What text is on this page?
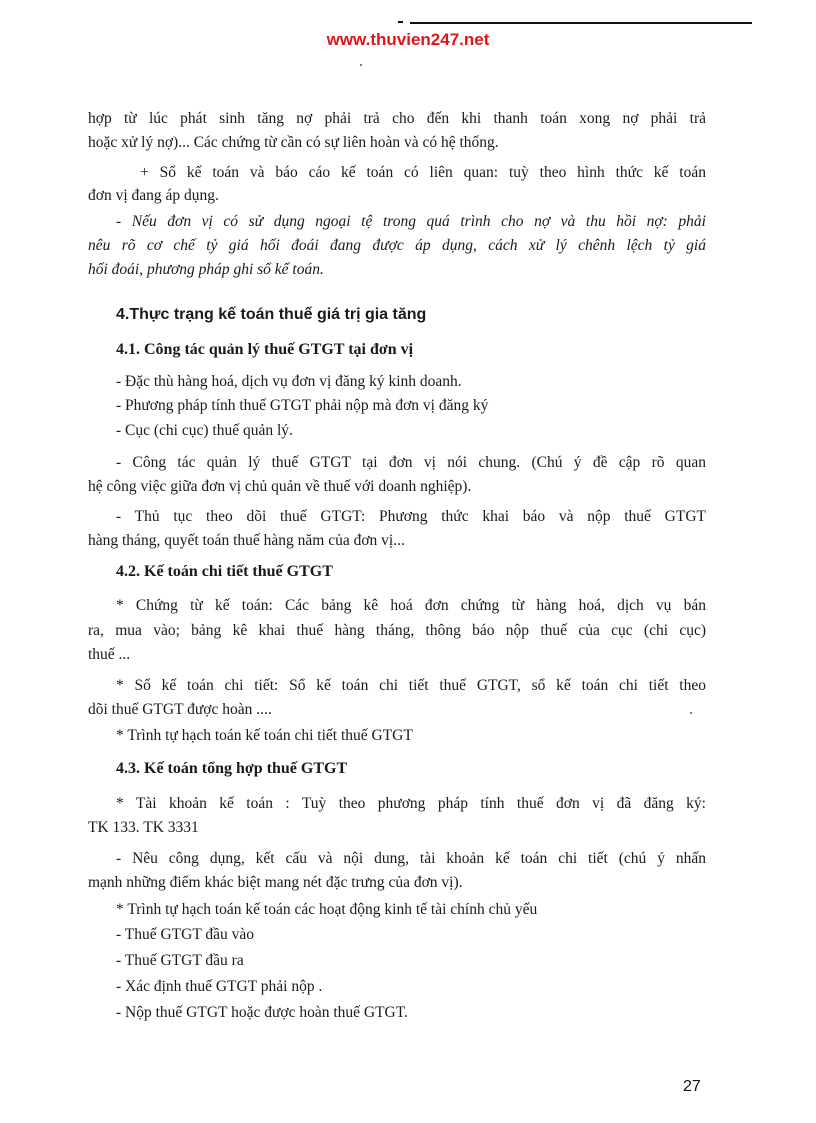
www.thuvien247.net
hợp từ lúc phát sinh tăng nợ phải trả cho đến khi thanh toán xong nợ phải trả
hoặc xử lý nợ)... Các chứng từ cần có sự liên hoàn và có hệ thống.
+ Sổ kế toán và báo cáo kế toán có liên quan: tuỳ theo hình thức kế toán
đơn vị đang áp dụng.
- Nếu đơn vị có sử dụng ngoại tệ trong quá trình cho nợ và thu hồi nợ: phải
nêu rõ cơ chế tỷ giá hối đoái đang được áp dụng, cách xử lý chênh lệch tỷ giá
hối đoái, phương pháp ghi sổ kế toán.
4.Thực trạng kế toán thuế giá trị gia tăng
4.1. Công tác quản lý thuế GTGT tại đơn vị
- Đặc thù hàng hoá, dịch vụ đơn vị đăng ký kinh doanh.
- Phương pháp tính thuế GTGT phải nộp mà đơn vị đăng ký
- Cục (chi cục) thuế quản lý.
- Công tác quản lý thuế GTGT tại đơn vị nói chung. (Chú ý đề cập rõ quan
hệ công việc giữa đơn vị chủ quản về thuế với doanh nghiệp).
- Thủ tục theo dõi thuế GTGT: Phương thức khai báo và nộp thuế GTGT
hàng tháng, quyết toán thuế hàng năm của đơn vị...
4.2. Kế toán chi tiết thuế GTGT
* Chứng từ kế toán: Các bảng kê hoá đơn chứng từ hàng hoá, dịch vụ bán
ra, mua vào; bảng kê khai thuế hàng tháng, thông báo nộp thuế của cục (chi cục)
thuế ...
* Sổ kế toán chi tiết: Sổ kế toán chi tiết thuế GTGT, sổ kế toán chi tiết theo
dõi thuế GTGT được hoàn ....
* Trình tự hạch toán kế toán chi tiết thuế GTGT
4.3. Kế toán tổng hợp thuế GTGT
* Tài khoản kế toán : Tuỳ theo phương pháp tính thuế đơn vị đã đăng ký:
TK 133. TK 3331
- Nêu công dụng, kết cấu và nội dung, tài khoản kế toán chi tiết (chú ý nhấn
mạnh những điểm khác biệt mang nét đặc trưng của đơn vị).
* Trình tự hạch toán kế toán các hoạt động kinh tế tài chính chủ yếu
- Thuế GTGT đầu vào
- Thuế GTGT đầu ra
- Xác định thuế GTGT phải nộp .
- Nộp thuế GTGT hoặc được hoàn thuế GTGT.
27
